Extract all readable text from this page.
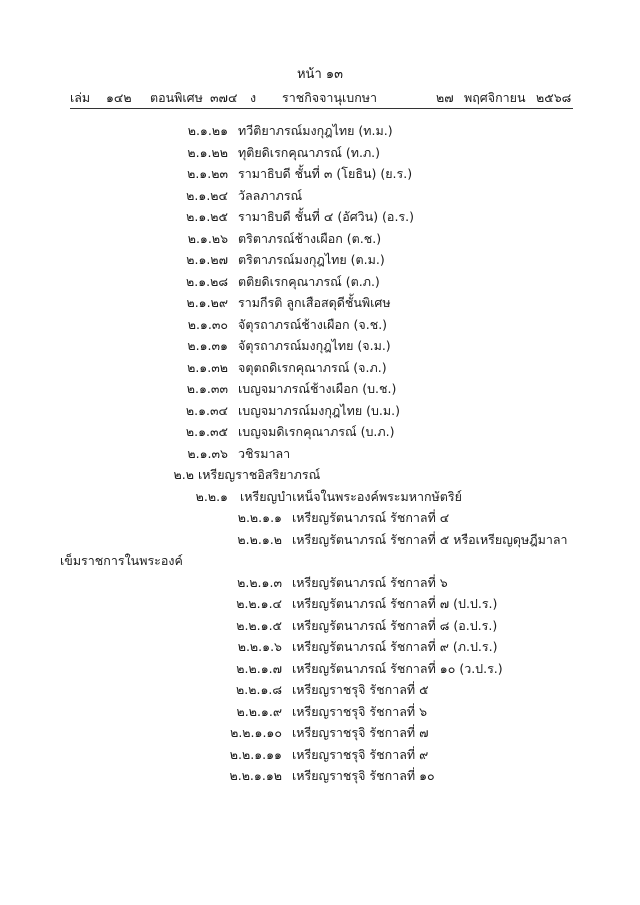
หน้า ๑๓
เล่ม ๑๔๒ ตอนพิเศษ ๓๗๔ ง ราชกิจจานุเบกษา	๒๗ พฤศจิกายน ๒๕๖๘
๒.๑.๒๑ ทวีติยาภรณ์มงกุฎไทย (ท.ม.)
๒.๑.๒๒ ทุติยดิเรกคุณาภรณ์ (ท.ภ.)
๒.๑.๒๓ รามาธิบดี ชั้นที่ ๓ (โยธิน) (ย.ร.)
๒.๑.๒๔ วัลลภาภรณ์
๒.๑.๒๕ รามาธิบดี ชั้นที่ ๔ (อัศวิน) (อ.ร.)
๒.๑.๒๖ ตริตาภรณ์ช้างเผือก (ต.ช.)
๒.๑.๒๗ ตริตาภรณ์มงกุฎไทย (ต.ม.)
๒.๑.๒๘ ตติยดิเรกคุณาภรณ์ (ต.ภ.)
๒.๑.๒๙ รามกีรติ ลูกเสือสดุดีชั้นพิเศษ
๒.๑.๓๐ จัตุรถาภรณ์ช้างเผือก (จ.ช.)
๒.๑.๓๑ จัตุรถาภรณ์มงกุฎไทย (จ.ม.)
๒.๑.๓๒ จตุตถดิเรกคุณาภรณ์ (จ.ภ.)
๒.๑.๓๓ เบญจมาภรณ์ช้างเผือก (บ.ช.)
๒.๑.๓๔ เบญจมาภรณ์มงกุฎไทย (บ.ม.)
๒.๑.๓๕ เบญจมดิเรกคุณาภรณ์ (บ.ภ.)
๒.๑.๓๖ วชิรมาลา
๒.๒ เหรียญราชอิสริยาภรณ์
๒.๒.๑ เหรียญบำเหน็จในพระองค์พระมหากษัตริย์
๒.๒.๑.๑ เหรียญรัตนาภรณ์ รัชกาลที่ ๔
๒.๒.๑.๒ เหรียญรัตนาภรณ์ รัชกาลที่ ๕ หรือเหรียญดุษฎีมาลา
เข็มราชการในพระองค์
๒.๒.๑.๓ เหรียญรัตนาภรณ์ รัชกาลที่ ๖
๒.๒.๑.๔ เหรียญรัตนาภรณ์ รัชกาลที่ ๗ (ป.ป.ร.)
๒.๒.๑.๕ เหรียญรัตนาภรณ์ รัชกาลที่ ๘ (อ.ป.ร.)
๒.๒.๑.๖ เหรียญรัตนาภรณ์ รัชกาลที่ ๙ (ภ.ป.ร.)
๒.๒.๑.๗ เหรียญรัตนาภรณ์ รัชกาลที่ ๑๐ (ว.ป.ร.)
๒.๒.๑.๘ เหรียญราชรุจิ รัชกาลที่ ๕
๒.๒.๑.๙ เหรียญราชรุจิ รัชกาลที่ ๖
๒.๒.๑.๑๐ เหรียญราชรุจิ รัชกาลที่ ๗
๒.๒.๑.๑๑ เหรียญราชรุจิ รัชกาลที่ ๙
๒.๒.๑.๑๒ เหรียญราชรุจิ รัชกาลที่ ๑๐
